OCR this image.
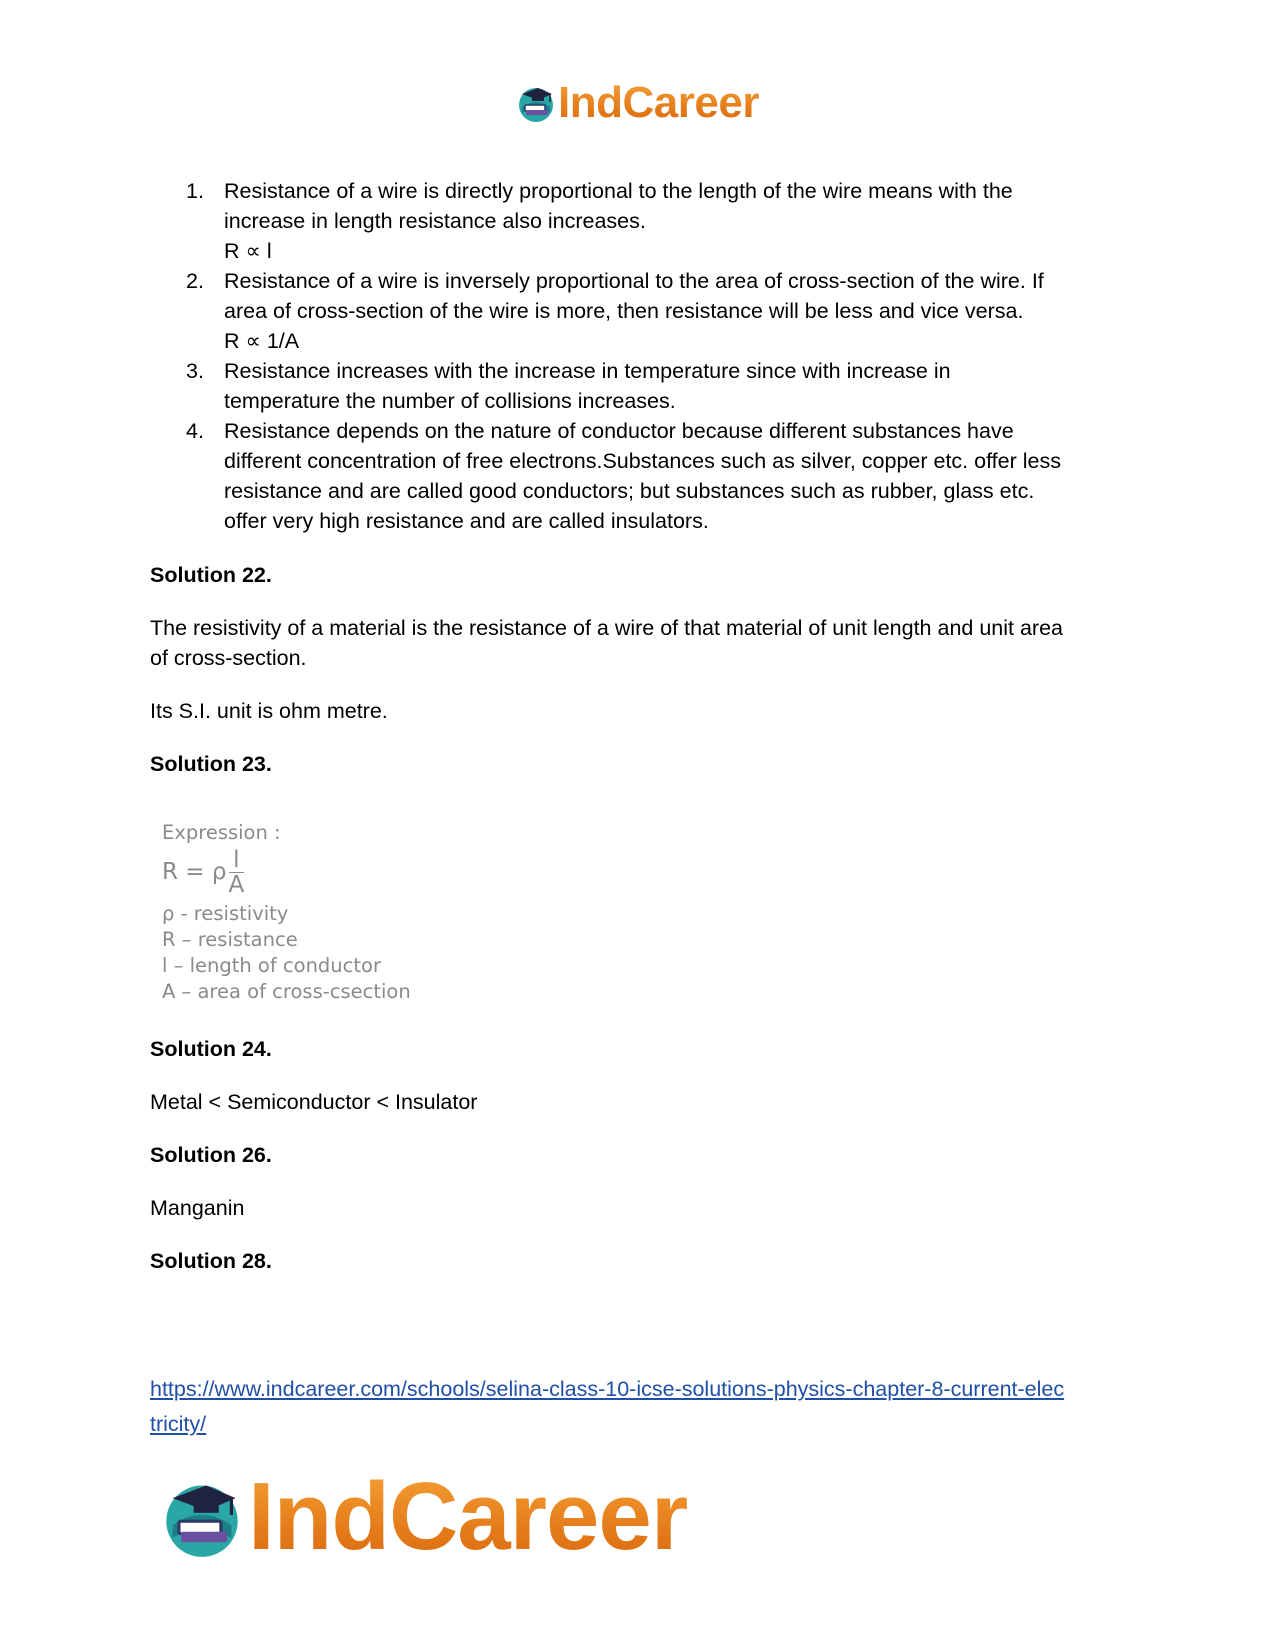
IndCareer
1. Resistance of a wire is directly proportional to the length of the wire means with the
increase in length resistance also increases.
R ∝ l
2. Resistance of a wire is inversely proportional to the area of cross-section of the wire. If
area of cross-section of the wire is more, then resistance will be less and vice versa.
R ∝ 1/A
3. Resistance increases with the increase in temperature since with increase in
temperature the number of collisions increases.
4. Resistance depends on the nature of conductor because different substances have
different concentration of free electrons.Substances such as silver, copper etc. offer less
resistance and are called good conductors; but substances such as rubber, glass etc.
offer very high resistance and are called insulators.

Solution 22.

The resistivity of a material is the resistance of a wire of that material of unit length and unit area
of cross-section.

Its S.I. unit is ohm metre.

Solution 23.

Solution 24.

Metal < Semiconductor < Insulator

Solution 26.

Manganin

Solution 28.

Expression :
R = ρ $\frac{l}{A}$
ρ - resistivity
R – resistance
l – length of conductor
A – area of cross-csection
https://www.indcareer.com/schools/selina-class-10-icse-solutions-physics-chapter-8-current-elec
tricity/
IndCareer
